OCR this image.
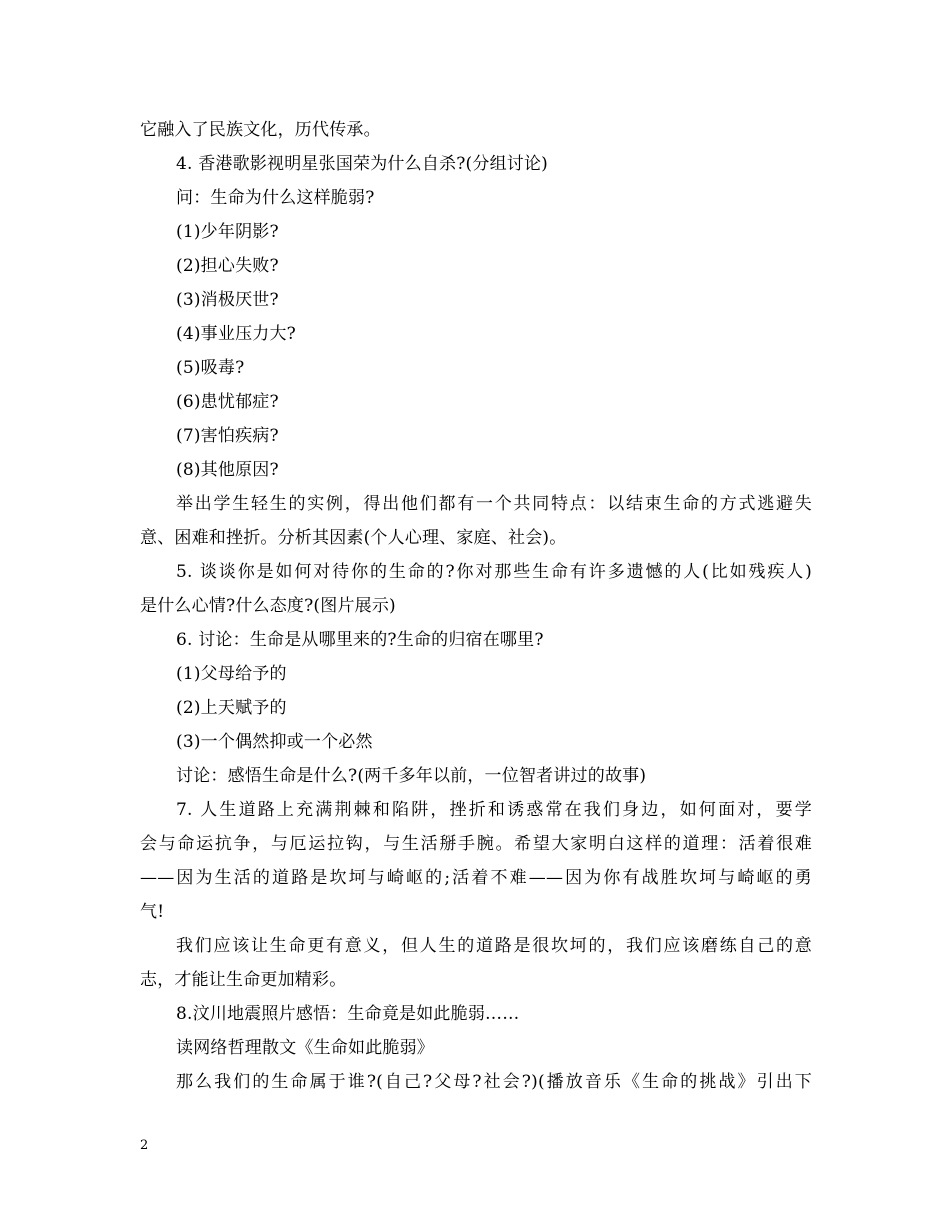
它融入了民族文化，历代传承。
4. 香港歌影视明星张国荣为什么自杀?(分组讨论)
问：生命为什么这样脆弱?
(1)少年阴影?
(2)担心失败?
(3)消极厌世?
(4)事业压力大?
(5)吸毒?
(6)患忧郁症?
(7)害怕疾病?
(8)其他原因?
举出学生轻生的实例，得出他们都有一个共同特点：以结束生命的方式逃避失
意、困难和挫折。分析其因素(个人心理、家庭、社会)。
5. 谈谈你是如何对待你的生命的?你对那些生命有许多遗憾的人(比如残疾人)
是什么心情?什么态度?(图片展示)
6. 讨论：生命是从哪里来的?生命的归宿在哪里?
(1)父母给予的
(2)上天赋予的
(3)一个偶然抑或一个必然
讨论：感悟生命是什么?(两千多年以前，一位智者讲过的故事)
7. 人生道路上充满荆棘和陷阱，挫折和诱惑常在我们身边，如何面对，要学
会与命运抗争，与厄运拉钩，与生活掰手腕。希望大家明白这样的道理：活着很难
——因为生活的道路是坎坷与崎岖的;活着不难——因为你有战胜坎坷与崎岖的勇
气!
我们应该让生命更有意义，但人生的道路是很坎坷的，我们应该磨练自己的意
志，才能让生命更加精彩。
8.汶川地震照片感悟：生命竟是如此脆弱……
读网络哲理散文《生命如此脆弱》
那么我们的生命属于谁?(自己?父母?社会?)(播放音乐《生命的挑战》引出下
2
